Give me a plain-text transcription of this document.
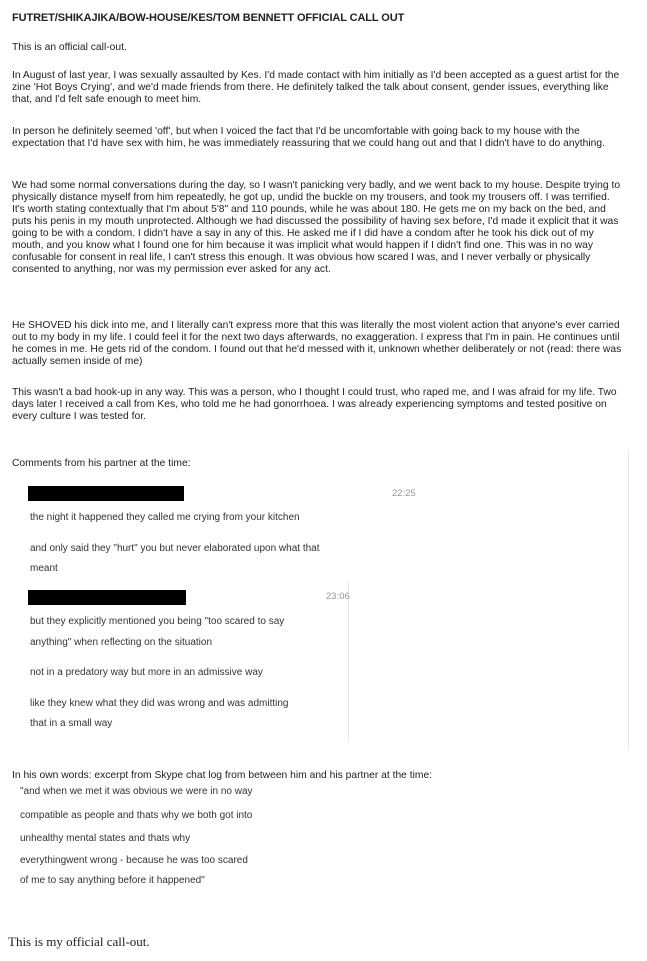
FUTRET/SHIKAJIKA/BOW-HOUSE/KES/TOM BENNETT OFFICIAL CALL OUT
This is an official call-out.

In August of last year, I was sexually assaulted by Kes. I'd made contact with him initially as I'd been accepted as a guest artist for the zine 'Hot Boys Crying', and we'd made friends from there. He definitely talked the talk about consent, gender issues, everything like that, and I'd felt safe enough to meet him.

In person he definitely seemed 'off', but when I voiced the fact that I'd be uncomfortable with going back to my house with the expectation that I'd have sex with him, he was immediately reassuring that we could hang out and that I didn't have to do anything.

We had some normal conversations during the day, so I wasn't panicking very badly, and we went back to my house. Despite trying to physically distance myself from him repeatedly, he got up, undid the buckle on my trousers, and took my trousers off. I was terrified. It's worth stating contextually that I'm about 5'8" and 110 pounds, while he was about 180. He gets me on my back on the bed, and puts his penis in my mouth unprotected. Although we had discussed the possibility of having sex before, I'd made it explicit that it was going to be with a condom. I didn't have a say in any of this. He asked me if I did have a condom after he took his dick out of my mouth, and you know what I found one for him because it was implicit what would happen if I didn't find one. This was in no way confusable for consent in real life, I can't stress this enough. It was obvious how scared I was, and I never verbally or physically consented to anything, nor was my permission ever asked for any act.

He SHOVED his dick into me, and I literally can't express more that this was literally the most violent action that anyone's ever carried out to my body in my life. I could feel it for the next two days afterwards, no exaggeration. I express that I'm in pain. He continues until he comes in me. He gets rid of the condom. I found out that he'd messed with it, unknown whether deliberately or not (read: there was actually semen inside of me)

This wasn't a bad hook-up in any way. This was a person, who I thought I could trust, who raped me, and I was afraid for my life. Two days later I received a call from Kes, who told me he had gonorrhoea. I was already experiencing symptoms and tested positive on every culture I was tested for.

Comments from his partner at the time:
22:25
the night it happened they called me crying from your kitchen
and only said they "hurt" you but never elaborated upon what that
meant
23:06
but they explicitly mentioned you being "too scared to say
anything" when reflecting on the situation
not in a predatory way but more in an admissive way
like they knew what they did was wrong and was admitting
that in a small way
In his own words: excerpt from Skype chat log from between him and his partner at the time:
"and when we met it was obvious we were in no way
compatible as people and thats why we both got into
unhealthy mental states and thats why
everythingwent wrong - because he was too scared
of me to say anything before it happened"
This is my official call-out.
